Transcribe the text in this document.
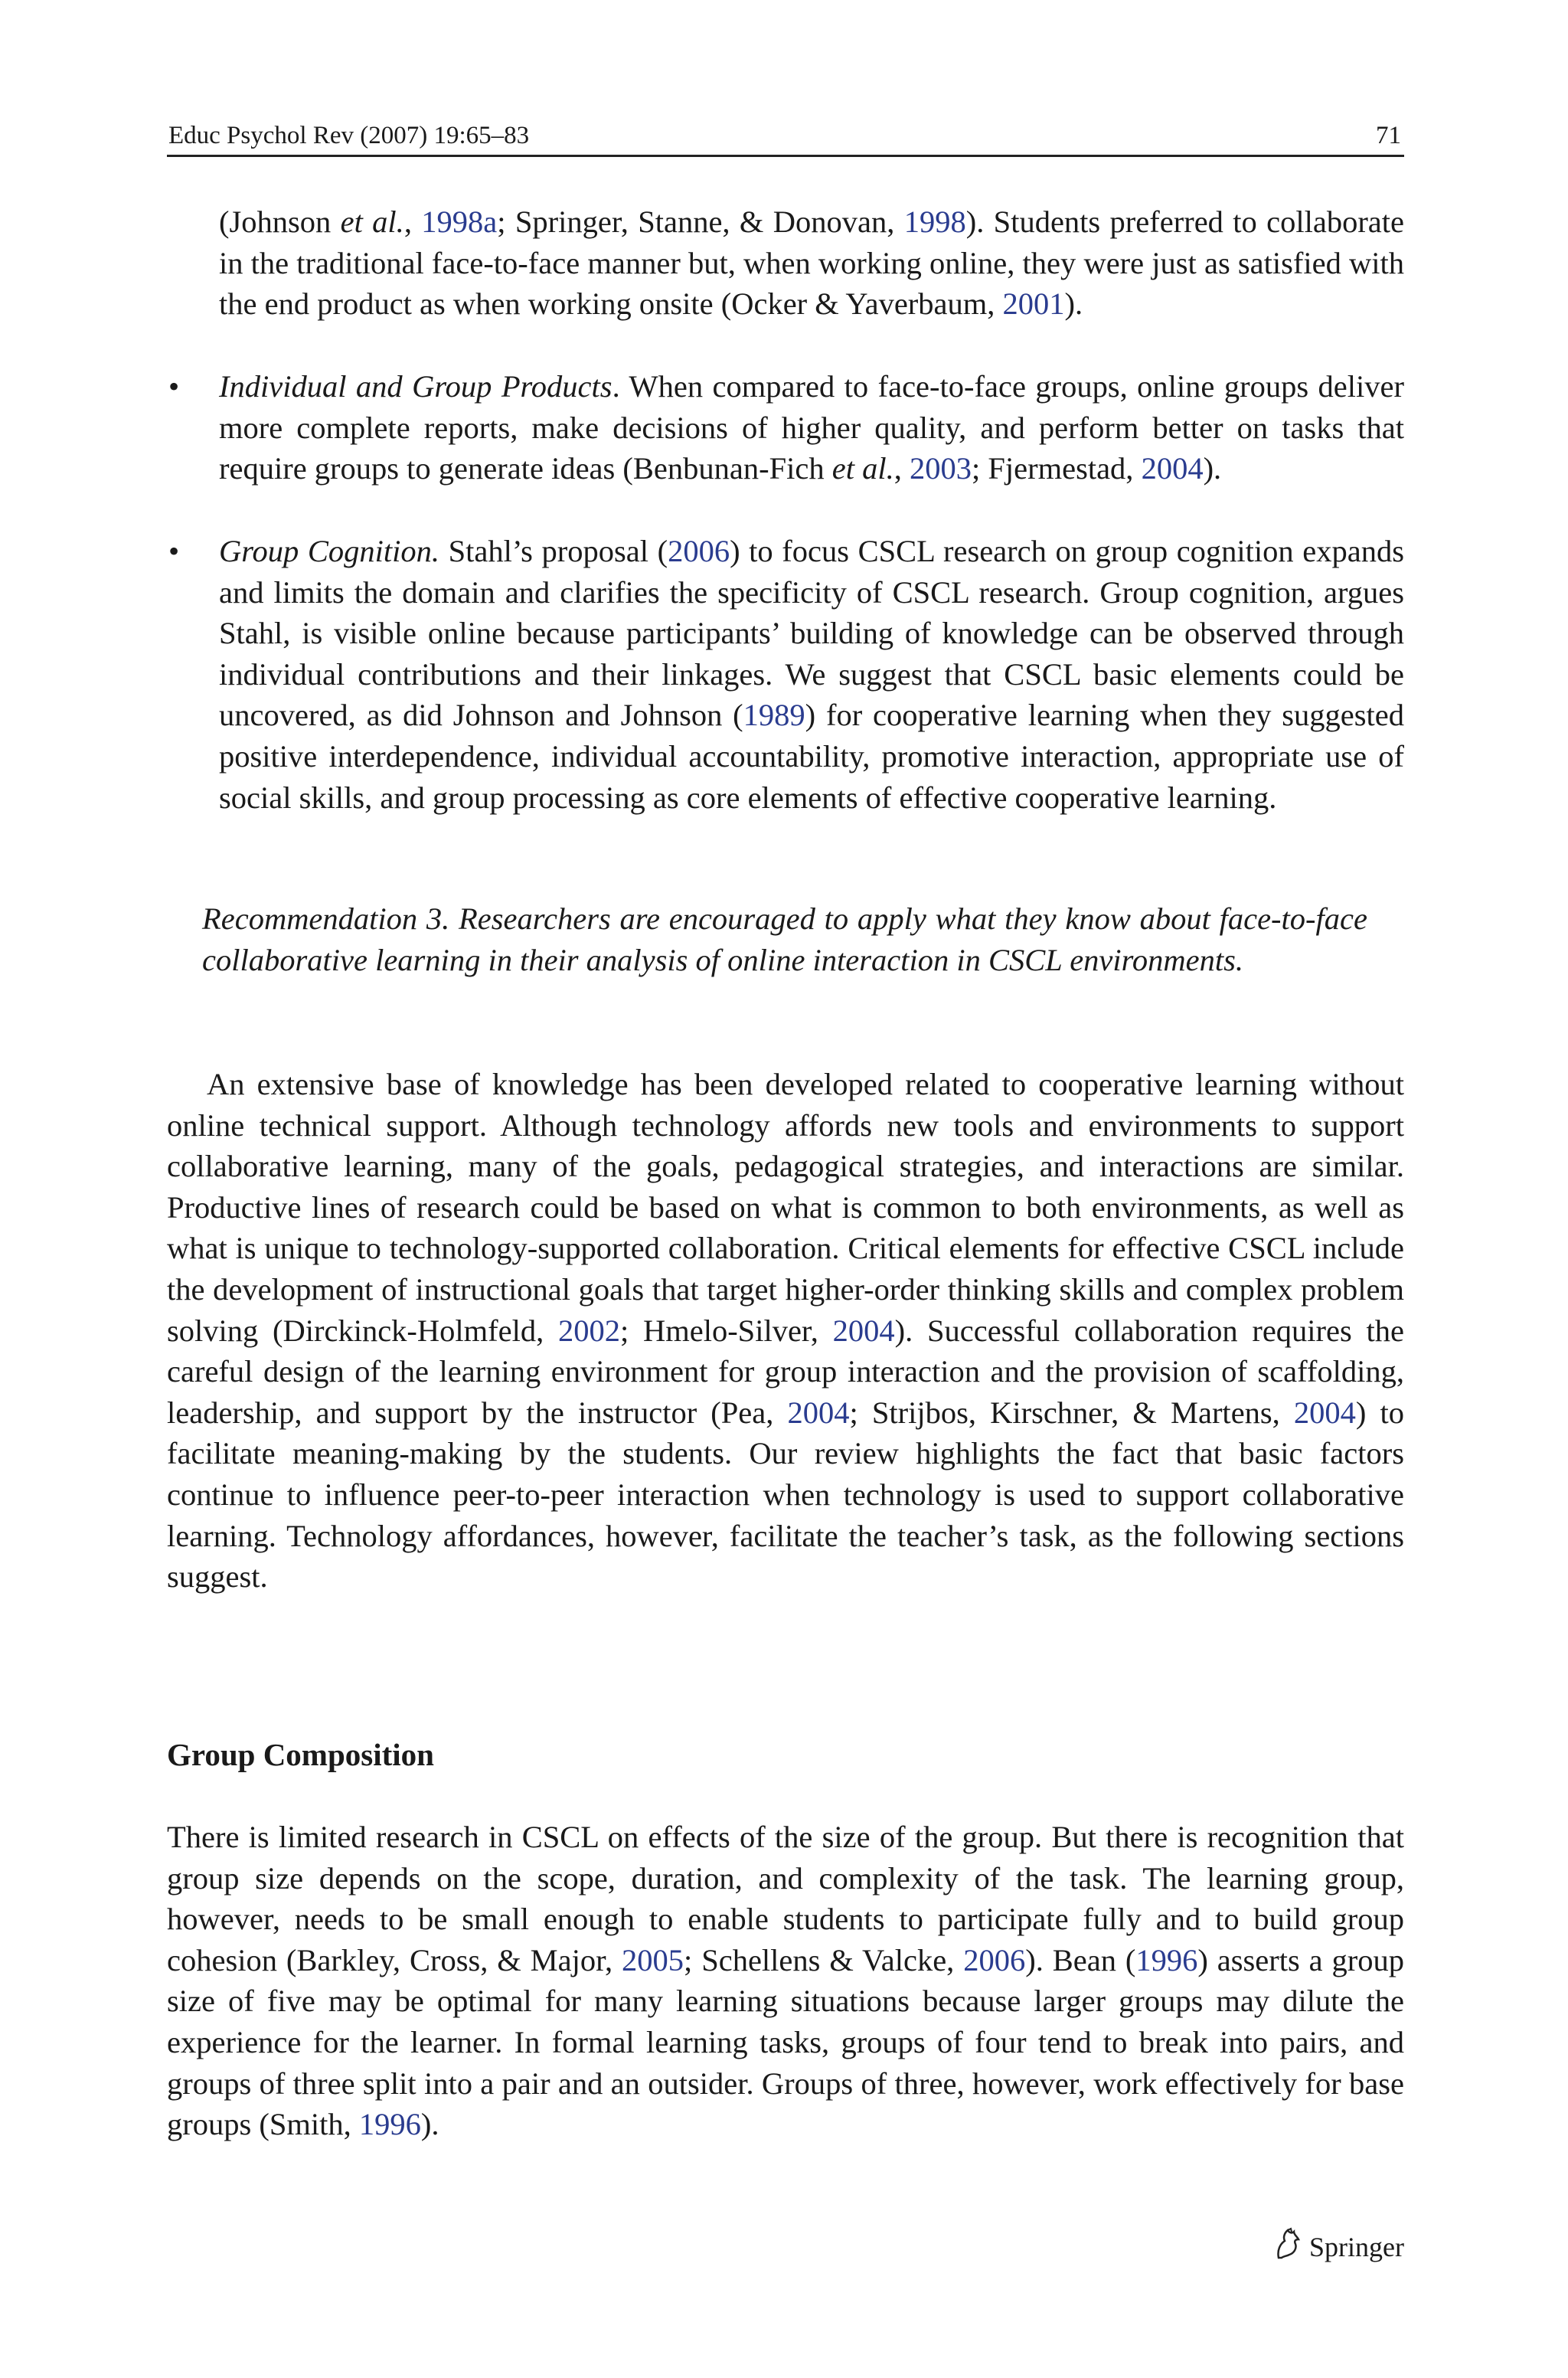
Educ Psychol Rev (2007) 19:65–83	71

(Johnson et al., 1998a; Springer, Stanne, & Donovan, 1998). Students preferred to collaborate in the traditional face-to-face manner but, when working online, they were just as satisfied with the end product as when working onsite (Ocker & Yaverbaum, 2001).

• Individual and Group Products. When compared to face-to-face groups, online groups deliver more complete reports, make decisions of higher quality, and perform better on tasks that require groups to generate ideas (Benbunan-Fich et al., 2003; Fjermestad, 2004).
• Group Cognition. Stahl’s proposal (2006) to focus CSCL research on group cognition expands and limits the domain and clarifies the specificity of CSCL research. Group cognition, argues Stahl, is visible online because participants’ building of knowledge can be observed through individual contributions and their linkages. We suggest that CSCL basic elements could be uncovered, as did Johnson and Johnson (1989) for cooperative learning when they suggested positive interdependence, individual accountability, promotive interaction, appropriate use of social skills, and group processing as core elements of effective cooperative learning.

Recommendation 3. Researchers are encouraged to apply what they know about face-to-face collaborative learning in their analysis of online interaction in CSCL environments.

An extensive base of knowledge has been developed related to cooperative learning without online technical support. Although technology affords new tools and environments to support collaborative learning, many of the goals, pedagogical strategies, and interactions are similar. Productive lines of research could be based on what is common to both environments, as well as what is unique to technology-supported collaboration. Critical elements for effective CSCL include the development of instructional goals that target higher-order thinking skills and complex problem solving (Dirckinck-Holmfeld, 2002; Hmelo-Silver, 2004). Successful collaboration requires the careful design of the learning environment for group interaction and the provision of scaffolding, leadership, and support by the instructor (Pea, 2004; Strijbos, Kirschner, & Martens, 2004) to facilitate meaning-making by the students. Our review highlights the fact that basic factors continue to influence peer-to-peer interaction when technology is used to support collaborative learning. Technology affordances, however, facilitate the teacher’s task, as the following sections suggest.

Group Composition

There is limited research in CSCL on effects of the size of the group. But there is recognition that group size depends on the scope, duration, and complexity of the task. The learning group, however, needs to be small enough to enable students to participate fully and to build group cohesion (Barkley, Cross, & Major, 2005; Schellens & Valcke, 2006). Bean (1996) asserts a group size of five may be optimal for many learning situations because larger groups may dilute the experience for the learner. In formal learning tasks, groups of four tend to break into pairs, and groups of three split into a pair and an outsider. Groups of three, however, work effectively for base groups (Smith, 1996).

Springer
